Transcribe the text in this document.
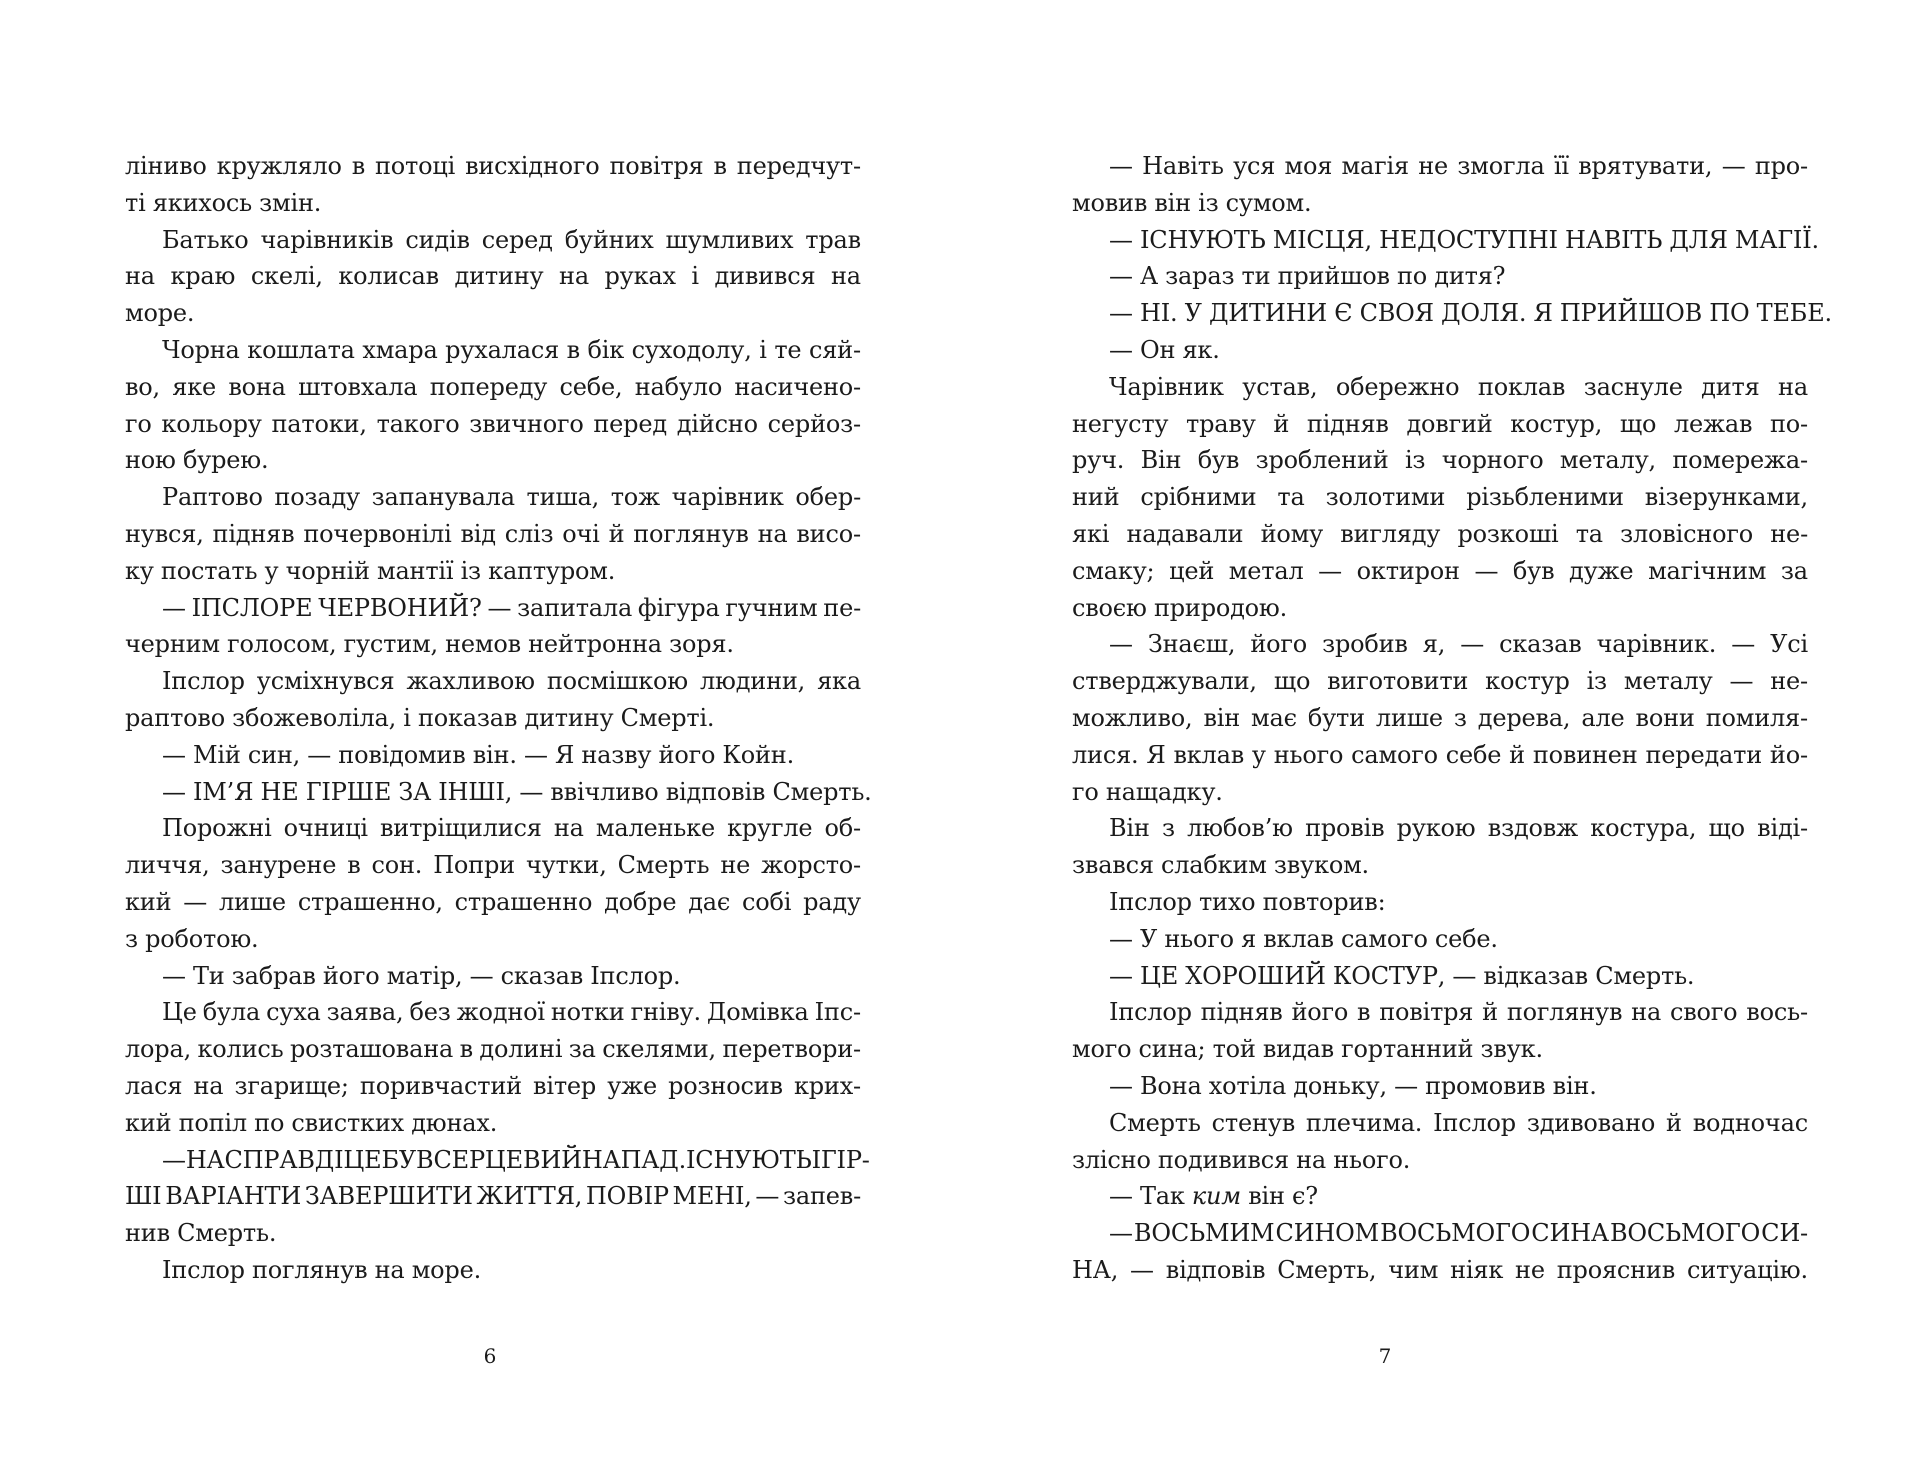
ліниво кружляло в потоці висхідного повітря в передчут-
ті якихось змін.
Батько чарівників сидів серед буйних шумливих трав
на краю скелі, колисав дитину на руках і дивився на
море.
Чорна кошлата хмара рухалася в бік суходолу, і те сяй-
во, яке вона штовхала попереду себе, набуло насичено-
го кольору патоки, такого звичного перед дійсно серйоз-
ною бурею.
Раптово позаду запанувала тиша, тож чарівник обер-
нувся, підняв почервонілі від сліз очі й поглянув на висо-
ку постать у чорній мантії із каптуром.
— ІПСЛОРЕ ЧЕРВОНИЙ? — запитала фігура гучним пе-
черним голосом, густим, немов нейтронна зоря.
Іпслор усміхнувся жахливою посмішкою людини, яка
раптово збожеволіла, і показав дитину Смерті.
— Мій син, — повідомив він. — Я назву його Койн.
— ІМ’Я НЕ ГІРШЕ ЗА ІНШІ, — ввічливо відповів Смерть.
Порожні очниці витріщилися на маленьке кругле об-
личчя, занурене в сон. Попри чутки, Смерть не жорсто-
кий — лише страшенно, страшенно добре дає собі раду
з роботою.
— Ти забрав його матір, — сказав Іпслор.
Це була суха заява, без жодної нотки гніву. Домівка Іпс-
лора, колись розташована в долині за скелями, перетвори-
лася на згарище; поривчастий вітер уже розносив крих-
кий попіл по свистких дюнах.
— НАСПРАВДІ ЦЕ БУВ СЕРЦЕВИЙ НАПАД. ІСНУЮТЬ І ГІР-
ШІ ВАРІАНТИ ЗАВЕРШИТИ ЖИТТЯ, ПОВІР МЕНІ, — запев-
нив Смерть.
Іпслор поглянув на море.
6
— Навіть уся моя магія не змогла її врятувати, — про-
мовив він із сумом.
— ІСНУЮТЬ МІСЦЯ, НЕДОСТУПНІ НАВІТЬ ДЛЯ МАГІЇ.
— А зараз ти прийшов по дитя?
— НІ. У ДИТИНИ Є СВОЯ ДОЛЯ. Я ПРИЙШОВ ПО ТЕБЕ.
— Он як.
Чарівник устав, обережно поклав заснуле дитя на
негусту траву й підняв довгий костур, що лежав по-
руч. Він був зроблений із чорного металу, помережа-
ний срібними та золотими різьбленими візерунками,
які надавали йому вигляду розкоші та зловісного не-
смаку; цей метал — октирон — був дуже магічним за
своєю природою.
— Знаєш, його зробив я, — сказав чарівник. — Усі
стверджували, що виготовити костур із металу — не-
можливо, він має бути лише з дерева, але вони помиля-
лися. Я вклав у нього самого себе й повинен передати йо-
го нащадку.
Він з любов’ю провів рукою вздовж костура, що віді-
звався слабким звуком.
Іпслор тихо повторив:
— У нього я вклав самого себе.
— ЦЕ ХОРОШИЙ КОСТУР, — відказав Смерть.
Іпслор підняв його в повітря й поглянув на свого вось-
мого сина; той видав гортанний звук.
— Вона хотіла доньку, — промовив він.
Смерть стенув плечима. Іпслор здивовано й водночас
злісно подивився на нього.
— Так ким він є?
— ВОСЬМИМ СИНОМ ВОСЬМОГО СИНА ВОСЬМОГО СИ-
НА, — відповів Смерть, чим ніяк не прояснив ситуацію.
7
